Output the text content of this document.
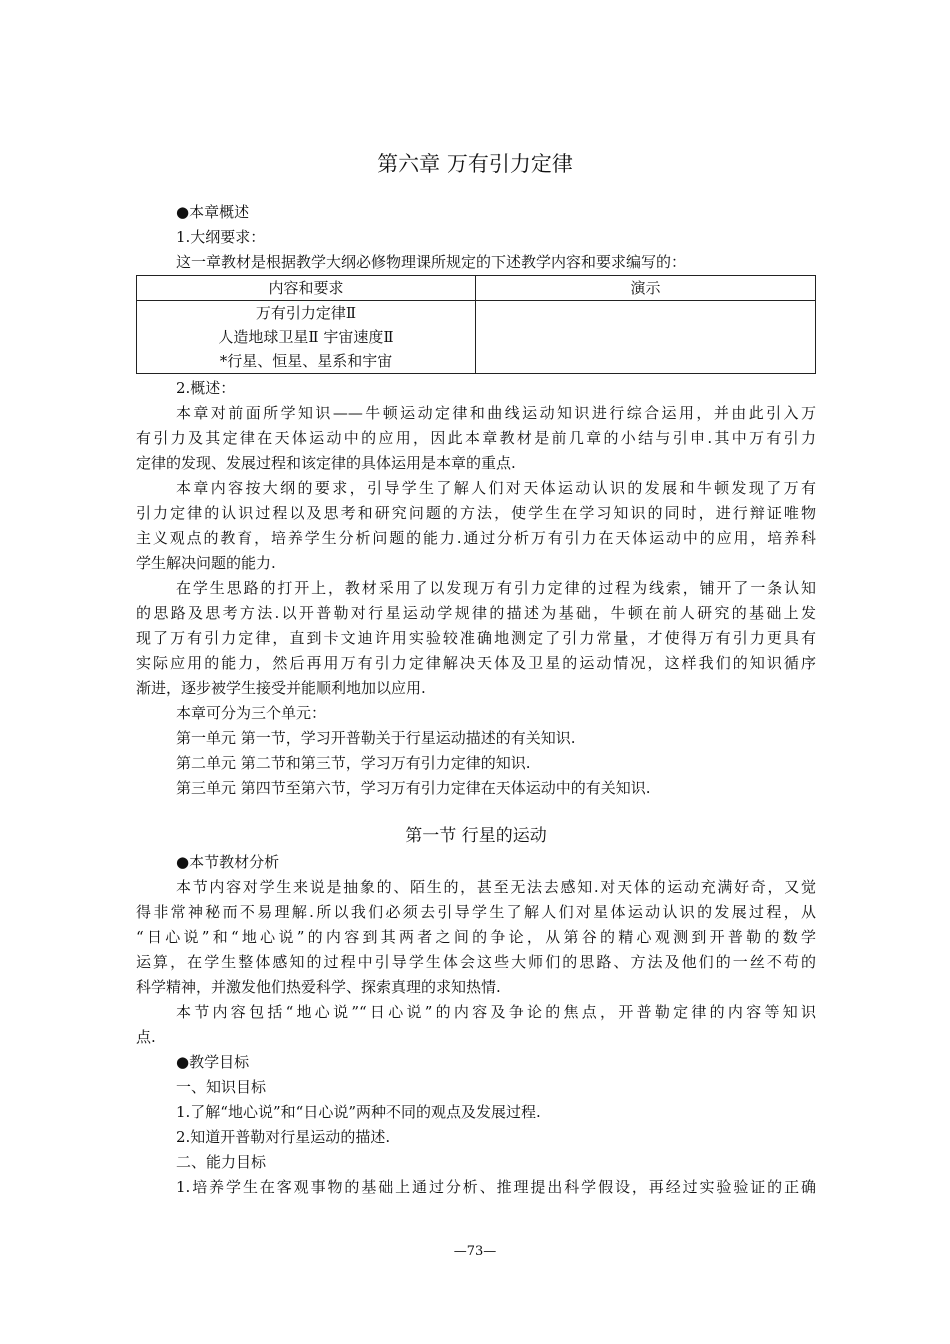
第六章 万有引力定律
●本章概述
1.大纲要求：
这一章教材是根据教学大纲必修物理课所规定的下述教学内容和要求编写的：
内容和要求	演示

万有引力定律Ⅱ
人造地球卫星Ⅱ 宇宙速度Ⅱ
*行星、恒星、星系和宇宙	

2.概述：
本章对前面所学知识——牛顿运动定律和曲线运动知识进行综合运用，并由此引入万
有引力及其定律在天体运动中的应用，因此本章教材是前几章的小结与引申.其中万有引力
定律的发现、发展过程和该定律的具体运用是本章的重点.
本章内容按大纲的要求，引导学生了解人们对天体运动认识的发展和牛顿发现了万有
引力定律的认识过程以及思考和研究问题的方法，使学生在学习知识的同时，进行辩证唯物
主义观点的教育，培养学生分析问题的能力.通过分析万有引力在天体运动中的应用，培养科
学生解决问题的能力.
在学生思路的打开上，教材采用了以发现万有引力定律的过程为线索，铺开了一条认知
的思路及思考方法.以开普勒对行星运动学规律的描述为基础，牛顿在前人研究的基础上发
现了万有引力定律，直到卡文迪许用实验较准确地测定了引力常量，才使得万有引力更具有
实际应用的能力，然后再用万有引力定律解决天体及卫星的运动情况，这样我们的知识循序
渐进，逐步被学生接受并能顺利地加以应用.
本章可分为三个单元：
第一单元 第一节，学习开普勒关于行星运动描述的有关知识.
第二单元 第二节和第三节，学习万有引力定律的知识.
第三单元 第四节至第六节，学习万有引力定律在天体运动中的有关知识.
第一节 行星的运动
●本节教材分析
本节内容对学生来说是抽象的、陌生的，甚至无法去感知.对天体的运动充满好奇，又觉
得非常神秘而不易理解.所以我们必须去引导学生了解人们对星体运动认识的发展过程，从
“日心说”和“地心说”的内容到其两者之间的争论，从第谷的精心观测到开普勒的数学
运算，在学生整体感知的过程中引导学生体会这些大师们的思路、方法及他们的一丝不苟的
科学精神，并激发他们热爱科学、探索真理的求知热情.
本节内容包括“地心说”“日心说”的内容及争论的焦点，开普勒定律的内容等知识
点.
●教学目标
一、知识目标
1.了解“地心说”和“日心说”两种不同的观点及发展过程.
2.知道开普勒对行星运动的描述.
二、能力目标
1.培养学生在客观事物的基础上通过分析、推理提出科学假设，再经过实验验证的正确
—73—
